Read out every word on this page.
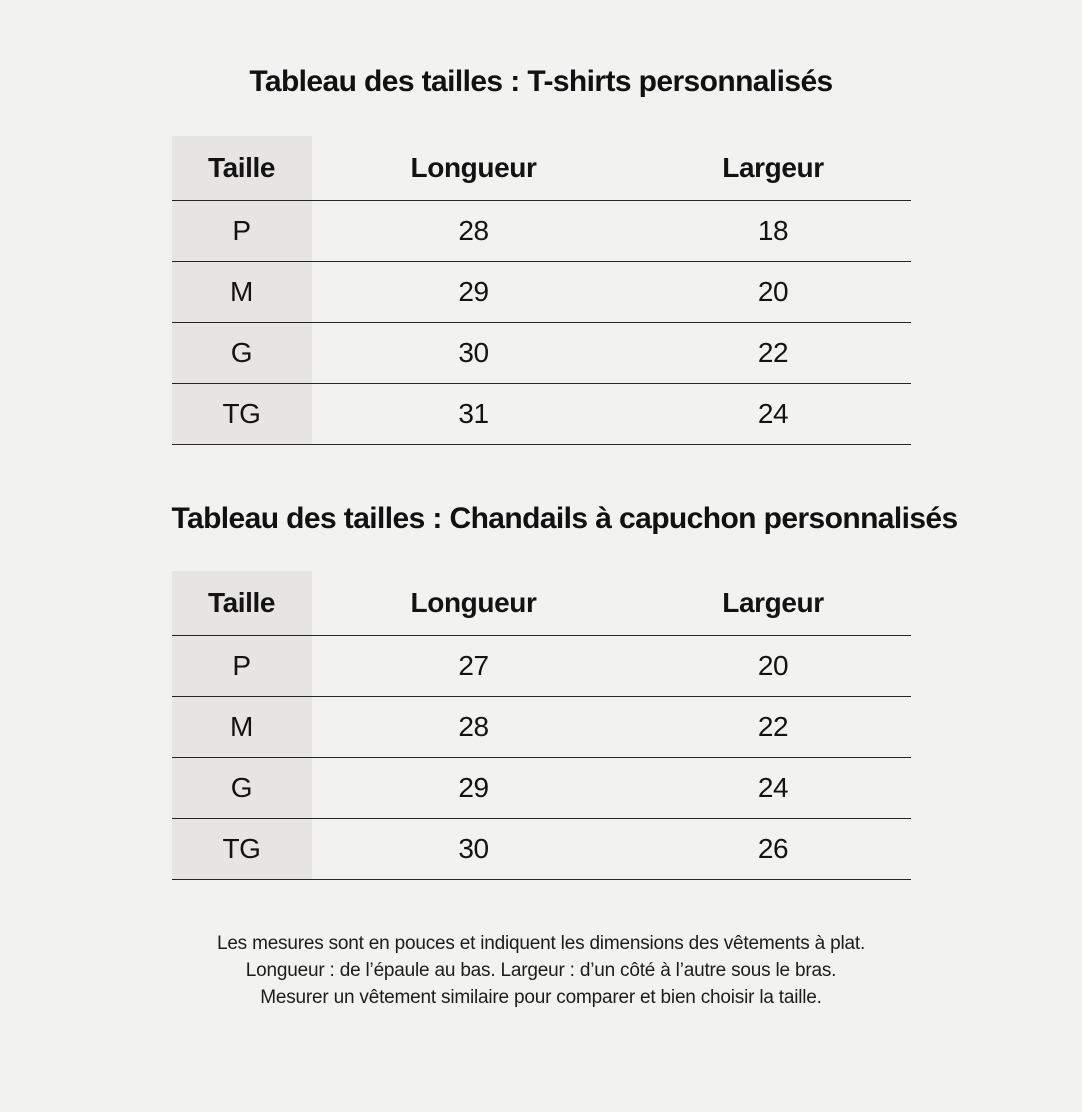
Tableau des tailles : T-shirts personnalisés
Taille	Longueur	Largeur
P	28	18
M	29	20
G	30	22
TG	31	24
Tableau des tailles : Chandails à capuchon personnalisés
Taille	Longueur	Largeur
P	27	20
M	28	22
G	29	24
TG	30	26
Les mesures sont en pouces et indiquent les dimensions des vêtements à plat.
Longueur : de l’épaule au bas. Largeur : d’un côté à l’autre sous le bras.
Mesurer un vêtement similaire pour comparer et bien choisir la taille.
